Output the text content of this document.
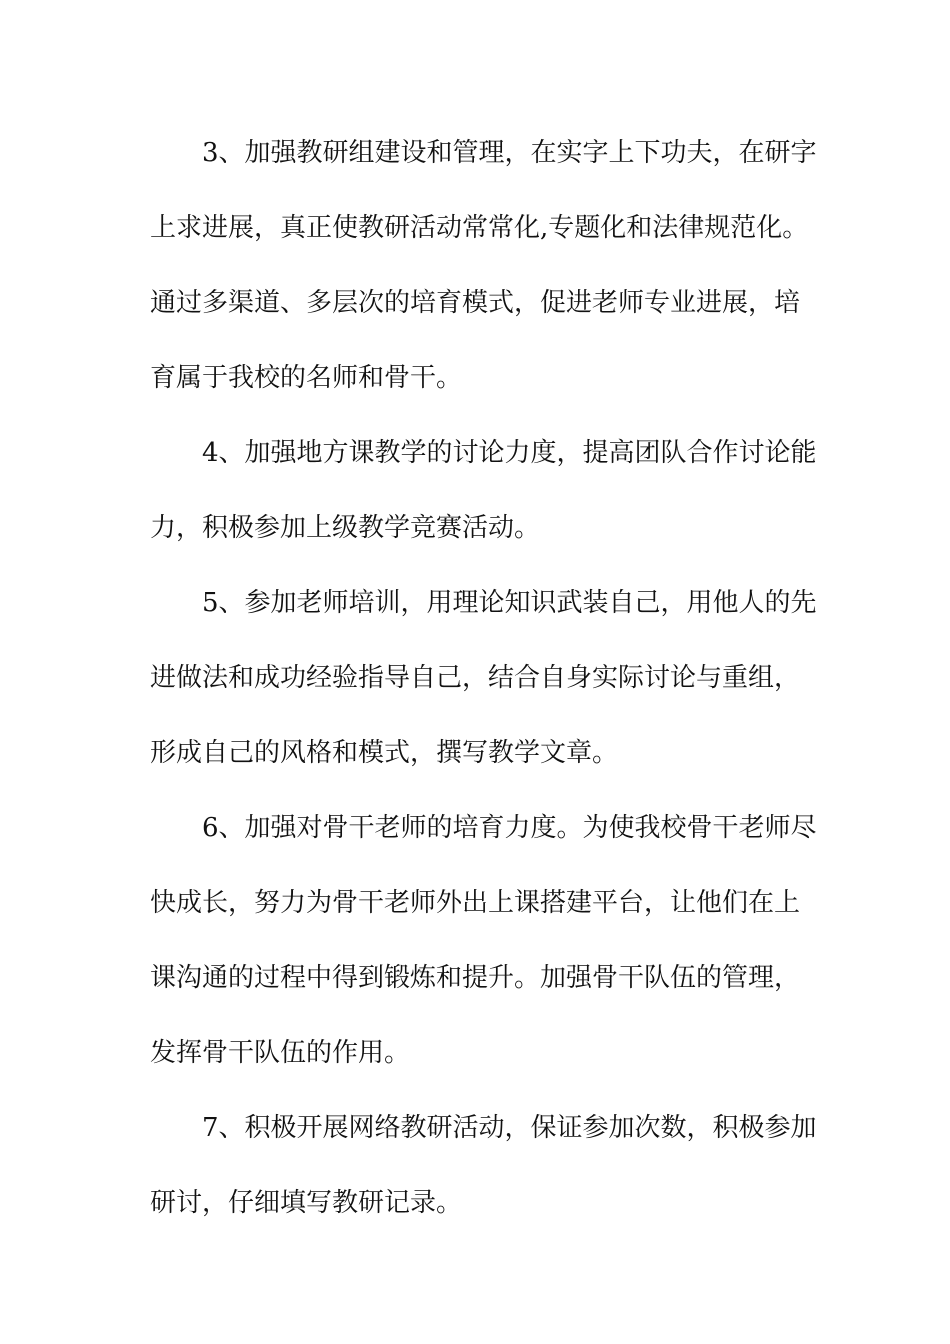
3、加强教研组建设和管理，在实字上下功夫，在研字
上求进展，真正使教研活动常常化,专题化和法律规范化。
通过多渠道、多层次的培育模式，促进老师专业进展，培
育属于我校的名师和骨干。
4、加强地方课教学的讨论力度，提高团队合作讨论能
力，积极参加上级教学竞赛活动。
5、参加老师培训，用理论知识武装自己，用他人的先
进做法和成功经验指导自己，结合自身实际讨论与重组，
形成自己的风格和模式，撰写教学文章。
6、加强对骨干老师的培育力度。为使我校骨干老师尽
快成长，努力为骨干老师外出上课搭建平台，让他们在上
课沟通的过程中得到锻炼和提升。加强骨干队伍的管理，
发挥骨干队伍的作用。
7、积极开展网络教研活动，保证参加次数，积极参加
研讨，仔细填写教研记录。
